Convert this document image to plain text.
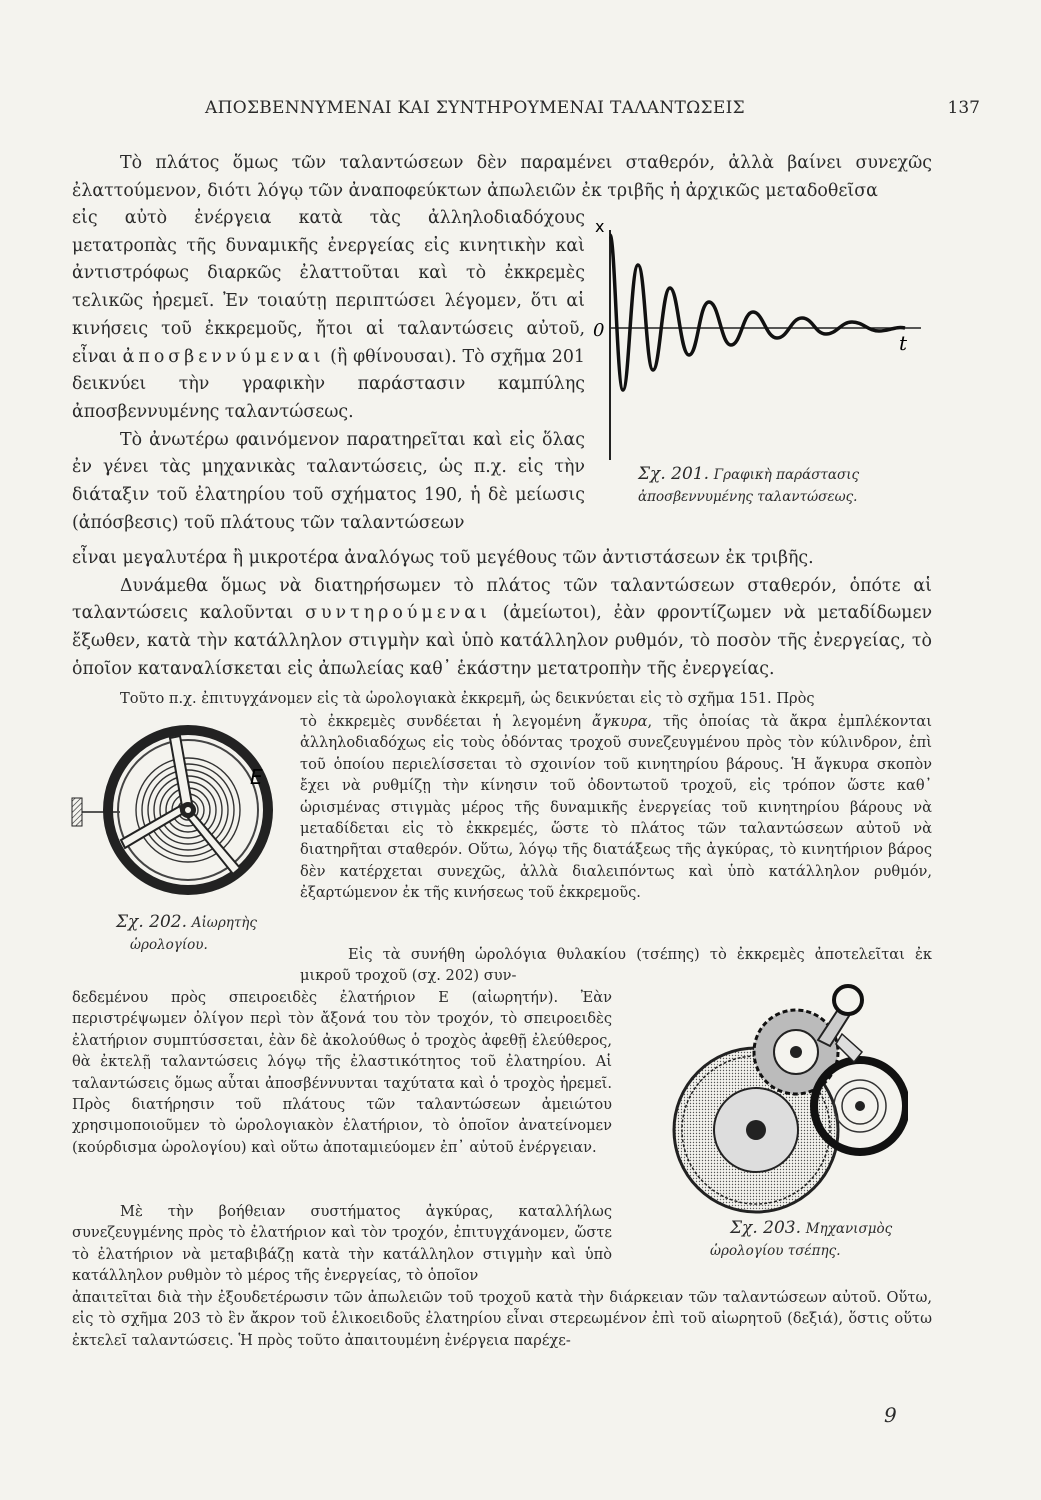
ΑΠΟΣΒΕΝΝΥΜΕΝΑΙ ΚΑΙ ΣΥΝΤΗΡΟΥΜΕΝΑΙ ΤΑΛΑΝΤΩΣΕΙΣ	137

Τὸ πλάτος ὅμως τῶν ταλαντώσεων δὲν παραμένει σταθερόν, ἀλλὰ βαίνει συνεχῶς ἐλαττούμενον, διότι λόγῳ τῶν ἀναποφεύκτων ἀπωλειῶν ἐκ τριβῆς ἡ ἀρχικῶς μεταδοθεῖσα

εἰς αὐτὸ ἐνέργεια κατὰ τὰς ἀλληλοδιαδόχους μετατροπὰς τῆς δυναμικῆς ἐνεργείας εἰς κινητικὴν καὶ ἀντιστρόφως διαρκῶς ἐλαττοῦται καὶ τὸ ἐκκρεμὲς τελικῶς ἠρεμεῖ. Ἐν τοιαύτῃ περιπτώσει λέγομεν, ὅτι αἱ κινήσεις τοῦ ἐκκρεμοῦς, ἤτοι αἱ ταλαντώσεις αὐτοῦ, εἶναι ἀποσβεννύμεναι (ἢ φθίνουσαι). Τὸ σχῆμα 201 δεικνύει τὴν γραφικὴν παράστασιν καμπύλης ἀποσβεννυμένης ταλαντώσεως.

Τὸ ἀνωτέρω φαινόμενον παρατηρεῖται καὶ εἰς ὅλας ἐν γένει τὰς μηχανικὰς ταλαντώσεις, ὡς π.χ. εἰς τὴν διάταξιν τοῦ ἐλατηρίου τοῦ σχήματος 190, ἡ δὲ μείωσις (ἀπόσβεσις) τοῦ πλάτους τῶν ταλαντώσεων

x
0
t
Σχ. 201. Γραφικὴ παράστασις
ἀποσβεννυμένης ταλαντώσεως.

εἶναι μεγαλυτέρα ἢ μικροτέρα ἀναλόγως τοῦ μεγέθους τῶν ἀντιστάσεων ἐκ τριβῆς.

Δυνάμεθα ὅμως νὰ διατηρήσωμεν τὸ πλάτος τῶν ταλαντώσεων σταθερόν, ὁπότε αἱ ταλαντώσεις καλοῦνται συντηρούμεναι (ἀμείωτοι), ἐὰν φροντίζωμεν νὰ μεταδίδωμεν ἔξωθεν, κατὰ τὴν κατάλληλον στιγμὴν καὶ ὑπὸ κατάλληλον ρυθμόν, τὸ ποσὸν τῆς ἐνεργείας, τὸ ὁποῖον καταναλίσκεται εἰς ἀπωλείας καθ᾿ ἑκάστην μετατροπὴν τῆς ἐνεργείας.

Τοῦτο π.χ. ἐπιτυγχάνομεν εἰς τὰ ὡρολογιακὰ ἐκκρεμῆ, ὡς δεικνύεται εἰς τὸ σχῆμα 151. Πρὸς

τὸ ἐκκρεμὲς συνδέεται ἡ λεγομένη ἄγκυρα, τῆς ὁποίας τὰ ἄκρα ἐμπλέκονται ἀλληλοδιαδόχως εἰς τοὺς ὀδόντας τροχοῦ συνεζευγμένου πρὸς τὸν κύλινδρον, ἐπὶ τοῦ ὁποίου περιελίσσεται τὸ σχοινίον τοῦ κινητηρίου βάρους. Ἡ ἄγκυρα σκοπὸν ἔχει νὰ ρυθμίζῃ τὴν κίνησιν τοῦ ὀδοντωτοῦ τροχοῦ, εἰς τρόπον ὥστε καθ᾿ ὡρισμένας στιγμὰς μέρος τῆς δυναμικῆς ἐνεργείας τοῦ κινητηρίου βάρους νὰ μεταδίδεται εἰς τὸ ἐκκρεμές, ὥστε τὸ πλάτος τῶν ταλαντώσεων αὐτοῦ νὰ διατηρῆται σταθερόν. Οὕτω, λόγῳ τῆς διατάξεως τῆς ἀγκύρας, τὸ κινητήριον βάρος δὲν κατέρχεται συνεχῶς, ἀλλὰ διαλειπόντως καὶ ὑπὸ κατάλληλον ρυθμόν, ἐξαρτώμενον ἐκ τῆς κινήσεως τοῦ ἐκκρεμοῦς.

E
Σχ. 202. Αἰωρητὴς
ὡρολογίου.

Εἰς τὰ συνήθη ὡρολόγια θυλακίου (τσέπης) τὸ ἐκκρεμὲς ἀποτελεῖται ἐκ μικροῦ τροχοῦ (σχ. 202) συν-

δεδεμένου πρὸς σπειροειδὲς ἐλατήριον Ε (αἰωρητήν). Ἐὰν περιστρέψωμεν ὀλίγον περὶ τὸν ἄξονά του τὸν τροχόν, τὸ σπειροειδὲς ἐλατήριον συμπτύσσεται, ἐὰν δὲ ἀκολούθως ὁ τροχὸς ἀφεθῇ ἐλεύθερος, θὰ ἐκτελῇ ταλαντώσεις λόγῳ τῆς ἐλαστικότητος τοῦ ἐλατηρίου. Αἱ ταλαντώσεις ὅμως αὗται ἀποσβέννυνται ταχύτατα καὶ ὁ τροχὸς ἠρεμεῖ. Πρὸς διατήρησιν τοῦ πλάτους τῶν ταλαντώσεων ἀμειώτου χρησιμοποιοῦμεν τὸ ὡρολογιακὸν ἐλατήριον, τὸ ὁποῖον ἀνατείνομεν (κούρδισμα ὡρολογίου) καὶ οὕτω ἀποταμιεύομεν ἐπ᾿ αὐτοῦ ἐνέργειαν.

Σχ. 203. Μηχανισμὸς
ὡρολογίου τσέπης.

Μὲ τὴν βοήθειαν συστήματος ἀγκύρας, καταλλήλως συνεζευγμένης πρὸς τὸ ἐλατήριον καὶ τὸν τροχόν, ἐπιτυγχάνομεν, ὥστε τὸ ἐλατήριον νὰ μεταβιβάζῃ κατὰ τὴν κατάλληλον στιγμὴν καὶ ὑπὸ κατάλληλον ρυθμὸν τὸ μέρος τῆς ἐνεργείας, τὸ ὁποῖον

ἀπαιτεῖται διὰ τὴν ἐξουδετέρωσιν τῶν ἀπωλειῶν τοῦ τροχοῦ κατὰ τὴν διάρκειαν τῶν ταλαντώσεων αὐτοῦ. Οὕτω, εἰς τὸ σχῆμα 203 τὸ ἓν ἄκρον τοῦ ἑλικοειδοῦς ἐλατηρίου εἶναι στερεωμένον ἐπὶ τοῦ αἰωρητοῦ (δεξιά), ὅστις οὕτω ἐκτελεῖ ταλαντώσεις. Ἡ πρὸς τοῦτο ἀπαιτουμένη ἐνέργεια παρέχε-

9
